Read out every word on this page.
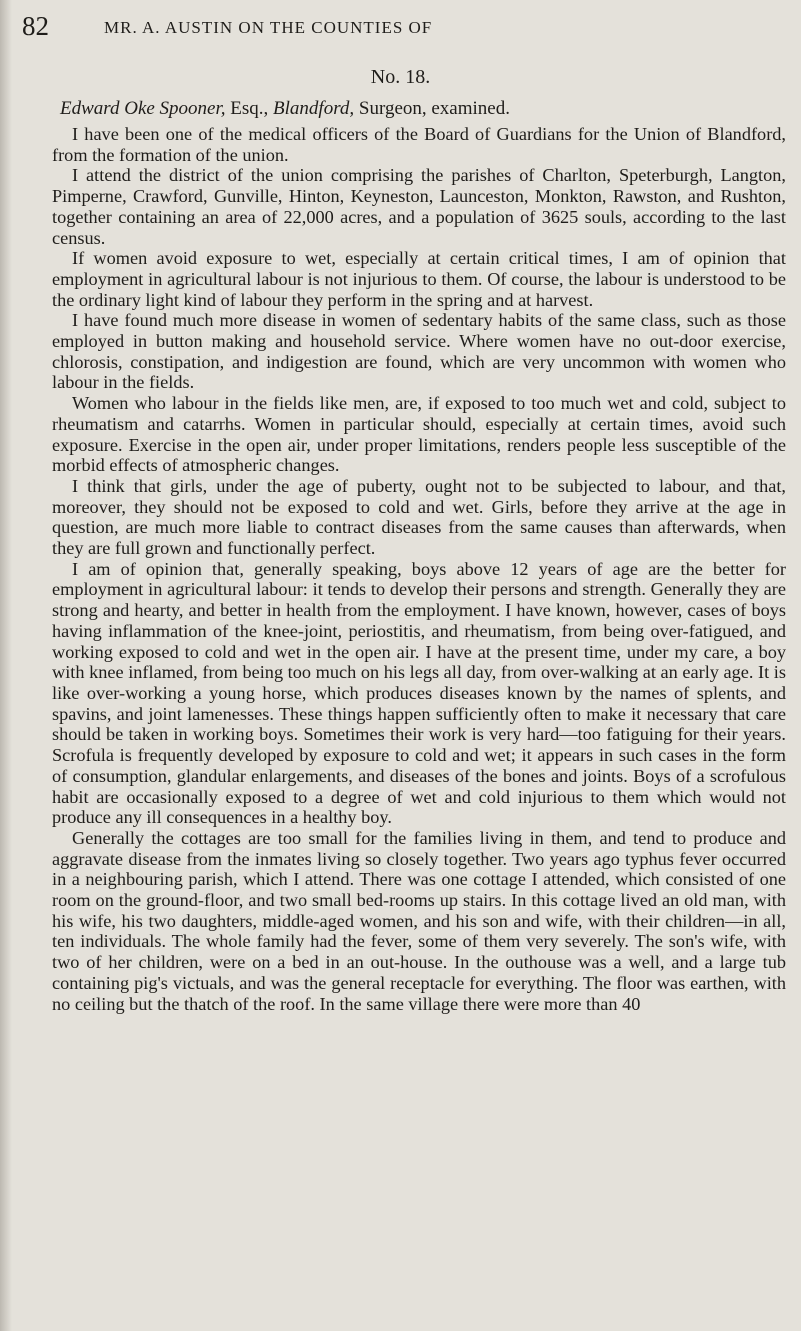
82	MR. A. AUSTIN ON THE COUNTIES OF
No. 18.
Edward Oke Spooner, Esq., Blandford, Surgeon, examined.

I have been one of the medical officers of the Board of Guardians for the Union of Blandford, from the formation of the union.

I attend the district of the union comprising the parishes of Charlton, Speterburgh, Langton, Pimperne, Crawford, Gunville, Hinton, Keyneston, Launceston, Monkton, Rawston, and Rushton, together containing an area of 22,000 acres, and a population of 3625 souls, according to the last census.

If women avoid exposure to wet, especially at certain critical times, I am of opinion that employment in agricultural labour is not injurious to them. Of course, the labour is understood to be the ordinary light kind of labour they perform in the spring and at harvest.

I have found much more disease in women of sedentary habits of the same class, such as those employed in button making and household service. Where women have no out-door exercise, chlorosis, constipation, and indigestion are found, which are very uncommon with women who labour in the fields.

Women who labour in the fields like men, are, if exposed to too much wet and cold, subject to rheumatism and catarrhs. Women in particular should, especially at certain times, avoid such exposure. Exercise in the open air, under proper limitations, renders people less susceptible of the morbid effects of atmospheric changes.

I think that girls, under the age of puberty, ought not to be subjected to labour, and that, moreover, they should not be exposed to cold and wet. Girls, before they arrive at the age in question, are much more liable to contract diseases from the same causes than afterwards, when they are full grown and functionally perfect.

I am of opinion that, generally speaking, boys above 12 years of age are the better for employment in agricultural labour: it tends to develop their persons and strength. Generally they are strong and hearty, and better in health from the employment. I have known, however, cases of boys having inflammation of the knee-joint, periostitis, and rheumatism, from being over-fatigued, and working exposed to cold and wet in the open air. I have at the present time, under my care, a boy with knee inflamed, from being too much on his legs all day, from over-walking at an early age. It is like over-working a young horse, which produces diseases known by the names of splents, and spavins, and joint lamenesses. These things happen sufficiently often to make it necessary that care should be taken in working boys. Sometimes their work is very hard—too fatiguing for their years. Scrofula is frequently developed by exposure to cold and wet; it appears in such cases in the form of consumption, glandular enlargements, and diseases of the bones and joints. Boys of a scrofulous habit are occasionally exposed to a degree of wet and cold injurious to them which would not produce any ill consequences in a healthy boy.

Generally the cottages are too small for the families living in them, and tend to produce and aggravate disease from the inmates living so closely together. Two years ago typhus fever occurred in a neighbouring parish, which I attend. There was one cottage I attended, which consisted of one room on the ground-floor, and two small bed-rooms up stairs. In this cottage lived an old man, with his wife, his two daughters, middle-aged women, and his son and wife, with their children—in all, ten individuals. The whole family had the fever, some of them very severely. The son's wife, with two of her children, were on a bed in an out-house. In the outhouse was a well, and a large tub containing pig's victuals, and was the general receptacle for everything. The floor was earthen, with no ceiling but the thatch of the roof. In the same village there were more than 40
